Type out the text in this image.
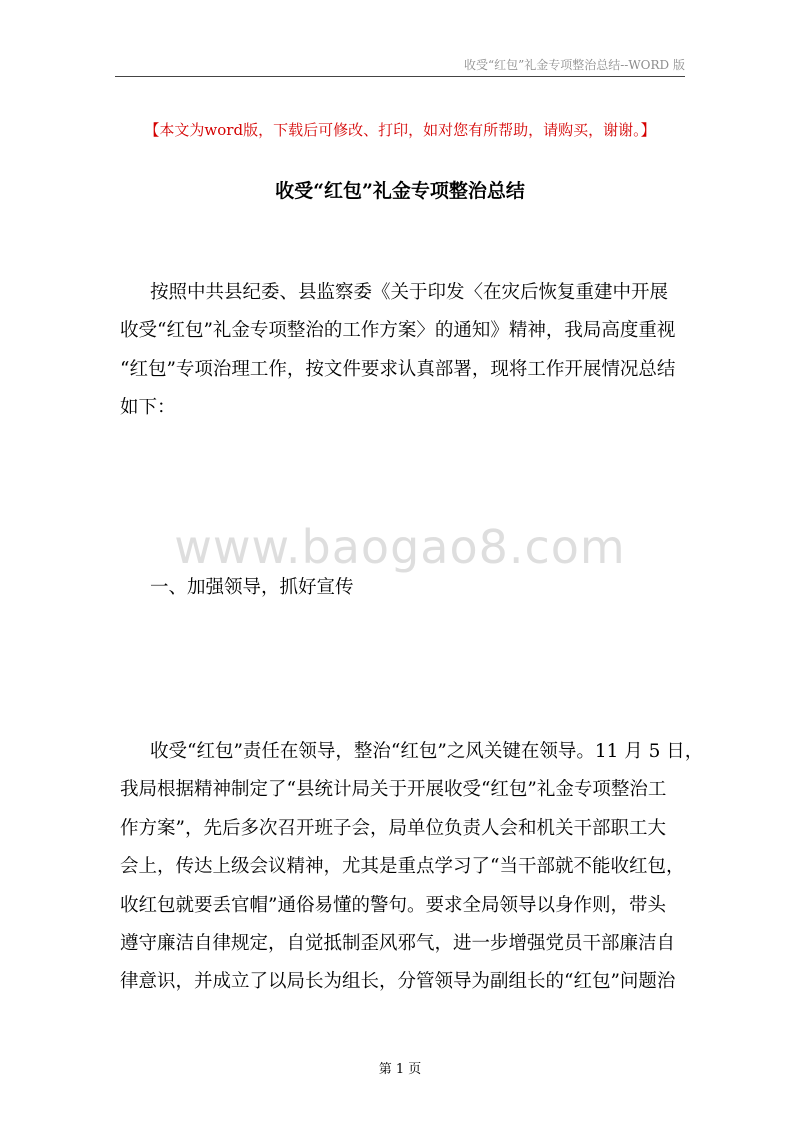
收受“红包”礼金专项整治总结--WORD 版
【本文为word版，下载后可修改、打印，如对您有所帮助，请购买，谢谢。】
收受“红包”礼金专项整治总结
按照中共县纪委、县监察委《关于印发〈在灾后恢复重建中开展
收受“红包”礼金专项整治的工作方案〉的通知》精神，我局高度重视
“红包”专项治理工作，按文件要求认真部署，现将工作开展情况总结
如下：
www.baogao8.com
一、加强领导，抓好宣传
收受“红包”责任在领导，整治“红包”之风关键在领导。11 月 5 日，
我局根据精神制定了“县统计局关于开展收受“红包”礼金专项整治工
作方案”，先后多次召开班子会，局单位负责人会和机关干部职工大
会上，传达上级会议精神，尤其是重点学习了“当干部就不能收红包，
收红包就要丢官帽”通俗易懂的警句。要求全局领导以身作则，带头
遵守廉洁自律规定，自觉抵制歪风邪气，进一步增强党员干部廉洁自
律意识，并成立了以局长为组长，分管领导为副组长的“红包”问题治
第 1 页
